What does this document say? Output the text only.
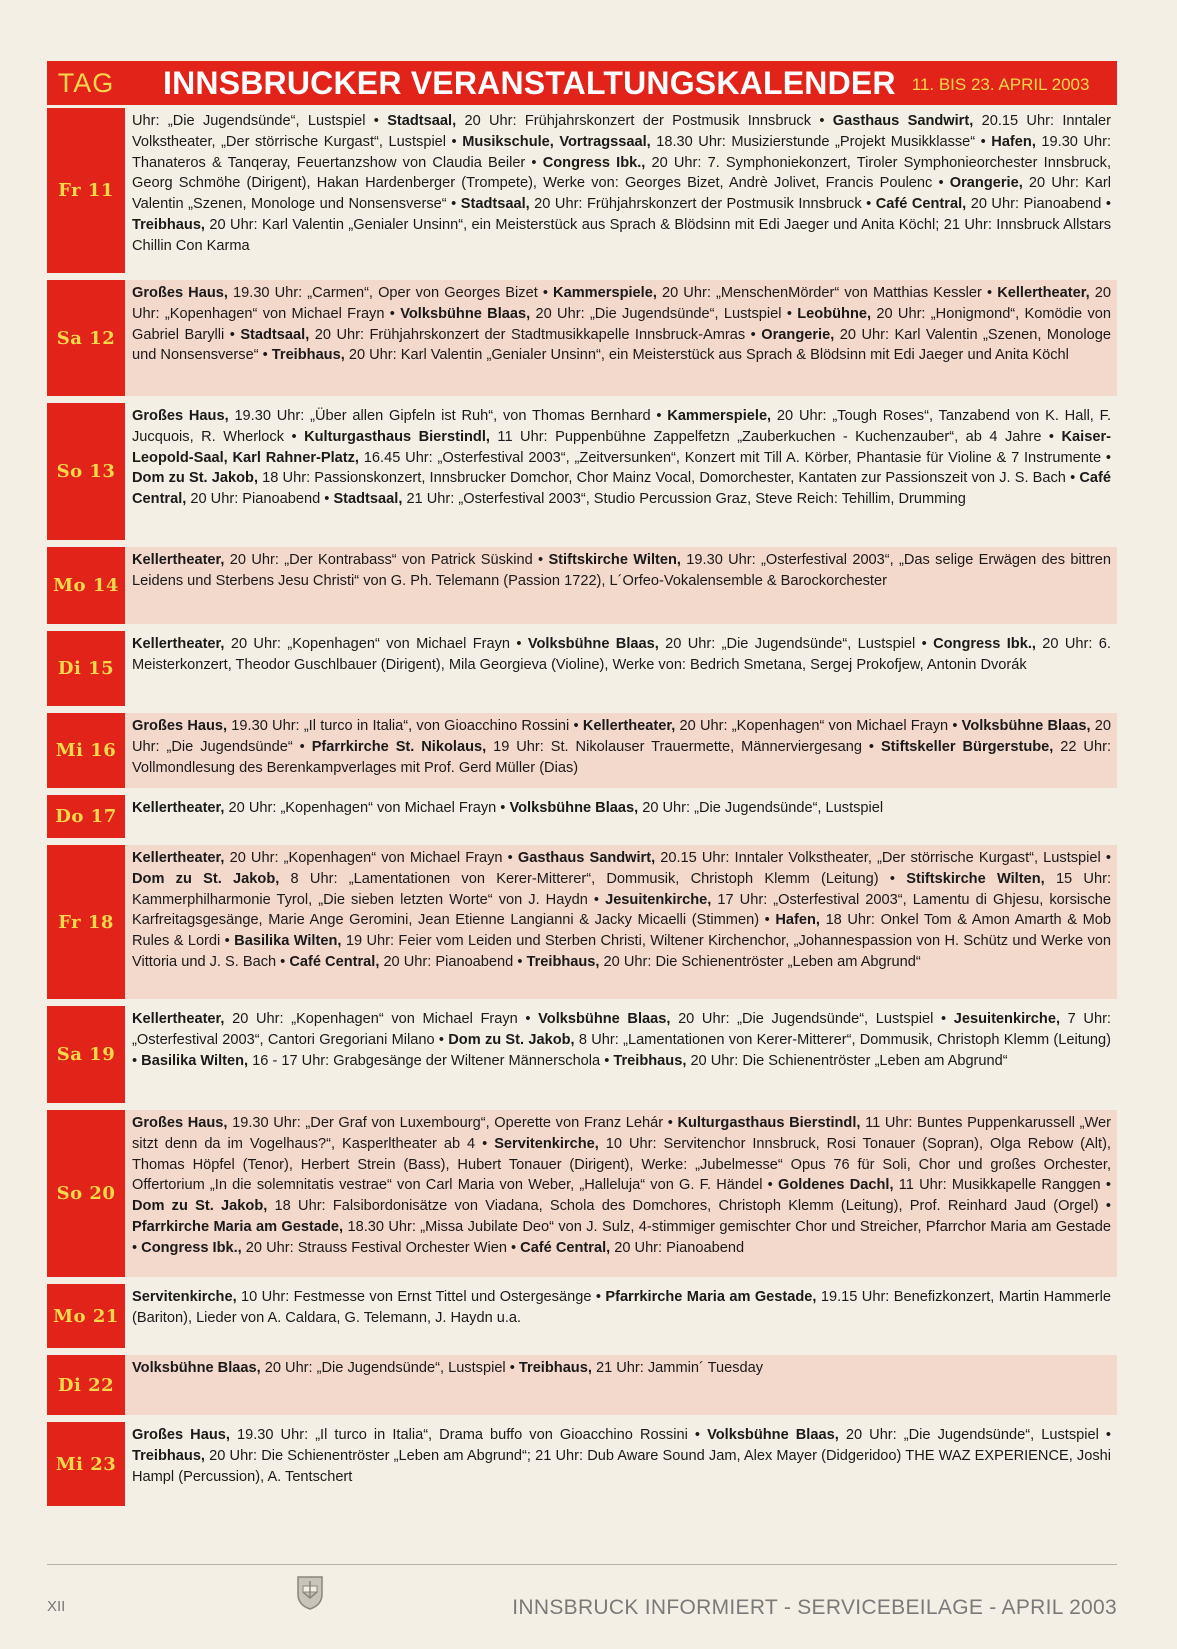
TAG	INNSBRUCKER VERANSTALTUNGSKALENDER 11. BIS 23. APRIL 2003
Fr 11
Uhr: „Die Jugendsünde“, Lustspiel • Stadtsaal, 20 Uhr: Frühjahrskonzert der Postmusik Innsbruck • Gasthaus Sandwirt, 20.15 Uhr: Inntaler Volkstheater, „Der störrische Kurgast“, Lustspiel • Musikschule, Vortragssaal, 18.30 Uhr: Musizierstunde „Projekt Musikklasse“ • Hafen, 19.30 Uhr: Thanateros & Tanqeray, Feuertanzshow von Claudia Beiler • Congress Ibk., 20 Uhr: 7. Symphoniekonzert, Tiroler Symphonieorchester Innsbruck, Georg Schmöhe (Dirigent), Hakan Hardenberger (Trompete), Werke von: Georges Bizet, Andrè Jolivet, Francis Poulenc • Orangerie, 20 Uhr: Karl Valentin „Szenen, Monologe und Nonsensverse“ • Stadtsaal, 20 Uhr: Frühjahrskonzert der Postmusik Innsbruck • Café Central, 20 Uhr: Pianoabend • Treibhaus, 20 Uhr: Karl Valentin „Genialer Unsinn“, ein Meisterstück aus Sprach & Blödsinn mit Edi Jaeger und Anita Köchl; 21 Uhr: Innsbruck Allstars Chillin Con Karma
Sa 12
Großes Haus, 19.30 Uhr: „Carmen“, Oper von Georges Bizet • Kammerspiele, 20 Uhr: „MenschenMörder“ von Matthias Kessler • Kellertheater, 20 Uhr: „Kopenhagen“ von Michael Frayn • Volksbühne Blaas, 20 Uhr: „Die Jugendsünde“, Lustspiel • Leobühne, 20 Uhr: „Honigmond“, Komödie von Gabriel Barylli • Stadtsaal, 20 Uhr: Frühjahrskonzert der Stadtmusikkapelle Innsbruck-Amras • Orangerie, 20 Uhr: Karl Valentin „Szenen, Monologe und Nonsensverse“ • Treibhaus, 20 Uhr: Karl Valentin „Genialer Unsinn“, ein Meisterstück aus Sprach & Blödsinn mit Edi Jaeger und Anita Köchl
So 13
Großes Haus, 19.30 Uhr: „Über allen Gipfeln ist Ruh“, von Thomas Bernhard • Kammerspiele, 20 Uhr: „Tough Roses“, Tanzabend von K. Hall, F. Jucquois, R. Wherlock • Kulturgasthaus Bierstindl, 11 Uhr: Puppenbühne Zappelfetzn „Zauberkuchen - Kuchenzauber“, ab 4 Jahre • Kaiser-Leopold-Saal, Karl Rahner-Platz, 16.45 Uhr: „Osterfestival 2003“, „Zeitversunken“, Konzert mit Till A. Körber, Phantasie für Violine & 7 Instrumente • Dom zu St. Jakob, 18 Uhr: Passionskonzert, Innsbrucker Domchor, Chor Mainz Vocal, Domorchester, Kantaten zur Passionszeit von J. S. Bach • Café Central, 20 Uhr: Pianoabend • Stadtsaal, 21 Uhr: „Osterfestival 2003“, Studio Percussion Graz, Steve Reich: Tehillim, Drumming
Mo 14
Kellertheater, 20 Uhr: „Der Kontrabass“ von Patrick Süskind • Stiftskirche Wilten, 19.30 Uhr: „Osterfestival 2003“, „Das selige Erwägen des bittren Leidens und Sterbens Jesu Christi“ von G. Ph. Telemann (Passion 1722), L´Orfeo-Vokalensemble & Barockorchester
Di 15
Kellertheater, 20 Uhr: „Kopenhagen“ von Michael Frayn • Volksbühne Blaas, 20 Uhr: „Die Jugendsünde“, Lustspiel • Congress Ibk., 20 Uhr: 6. Meisterkonzert, Theodor Guschlbauer (Dirigent), Mila Georgieva (Violine), Werke von: Bedrich Smetana, Sergej Prokofjew, Antonin Dvorák
Mi 16
Großes Haus, 19.30 Uhr: „Il turco in Italia“, von Gioacchino Rossini • Kellertheater, 20 Uhr: „Kopenhagen“ von Michael Frayn • Volksbühne Blaas, 20 Uhr: „Die Jugendsünde“ • Pfarrkirche St. Nikolaus, 19 Uhr: St. Nikolauser Trauermette, Männerviergesang • Stiftskeller Bürgerstube, 22 Uhr: Vollmondlesung des Berenkampverlages mit Prof. Gerd Müller (Dias)
Do 17	Kellertheater, 20 Uhr: „Kopenhagen“ von Michael Frayn • Volksbühne Blaas, 20 Uhr: „Die Jugendsünde“, Lustspiel
Fr 18
Kellertheater, 20 Uhr: „Kopenhagen“ von Michael Frayn • Gasthaus Sandwirt, 20.15 Uhr: Inntaler Volkstheater, „Der störrische Kurgast“, Lustspiel • Dom zu St. Jakob, 8 Uhr: „Lamentationen von Kerer-Mitterer“, Dommusik, Christoph Klemm (Leitung) • Stiftskirche Wilten, 15 Uhr: Kammerphilharmonie Tyrol, „Die sieben letzten Worte“ von J. Haydn • Jesuitenkirche, 17 Uhr: „Osterfestival 2003“, Lamentu di Ghjesu, korsische Karfreitagsgesänge, Marie Ange Geromini, Jean Etienne Langianni & Jacky Micaelli (Stimmen) • Hafen, 18 Uhr: Onkel Tom & Amon Amarth & Mob Rules & Lordi • Basilika Wilten, 19 Uhr: Feier vom Leiden und Sterben Christi, Wiltener Kirchenchor, „Johannespassion von H. Schütz und Werke von Vittoria und J. S. Bach • Café Central, 20 Uhr: Pianoabend • Treibhaus, 20 Uhr: Die Schienentröster „Leben am Abgrund“
Sa 19
Kellertheater, 20 Uhr: „Kopenhagen“ von Michael Frayn • Volksbühne Blaas, 20 Uhr: „Die Jugendsünde“, Lustspiel • Jesuitenkirche, 7 Uhr: „Osterfestival 2003“, Cantori Gregoriani Milano • Dom zu St. Jakob, 8 Uhr: „Lamentationen von Kerer-Mitterer“, Dommusik, Christoph Klemm (Leitung) • Basilika Wilten, 16 - 17 Uhr: Grabgesänge der Wiltener Männerschola • Treibhaus, 20 Uhr: Die Schienentröster „Leben am Abgrund“
So 20
Großes Haus, 19.30 Uhr: „Der Graf von Luxembourg“, Operette von Franz Lehár • Kulturgasthaus Bierstindl, 11 Uhr: Buntes Puppenkarussell „Wer sitzt denn da im Vogelhaus?“, Kasperltheater ab 4 • Servitenkirche, 10 Uhr: Servitenchor Innsbruck, Rosi Tonauer (Sopran), Olga Rebow (Alt), Thomas Höpfel (Tenor), Herbert Strein (Bass), Hubert Tonauer (Dirigent), Werke: „Jubelmesse“ Opus 76 für Soli, Chor und großes Orchester, Offertorium „In die solemnitatis vestrae“ von Carl Maria von Weber, „Halleluja“ von G. F. Händel • Goldenes Dachl, 11 Uhr: Musikkapelle Ranggen • Dom zu St. Jakob, 18 Uhr: Falsibordonisätze von Viadana, Schola des Domchores, Christoph Klemm (Leitung), Prof. Reinhard Jaud (Orgel) • Pfarrkirche Maria am Gestade, 18.30 Uhr: „Missa Jubilate Deo“ von J. Sulz, 4-stimmiger gemischter Chor und Streicher, Pfarrchor Maria am Gestade • Congress Ibk., 20 Uhr: Strauss Festival Orchester Wien • Café Central, 20 Uhr: Pianoabend
Mo 21
Servitenkirche, 10 Uhr: Festmesse von Ernst Tittel und Ostergesänge • Pfarrkirche Maria am Gestade, 19.15 Uhr: Benefizkonzert, Martin Hammerle (Bariton), Lieder von A. Caldara, G. Telemann, J. Haydn u.a.
Di 22
Volksbühne Blaas, 20 Uhr: „Die Jugendsünde“, Lustspiel • Treibhaus, 21 Uhr: Jammin´ Tuesday
Mi 23
Großes Haus, 19.30 Uhr: „Il turco in Italia“, Drama buffo von Gioacchino Rossini • Volksbühne Blaas, 20 Uhr: „Die Jugendsünde“, Lustspiel • Treibhaus, 20 Uhr: Die Schienentröster „Leben am Abgrund“; 21 Uhr: Dub Aware Sound Jam, Alex Mayer (Didgeridoo) THE WAZ EXPERIENCE, Joshi Hampl (Percussion), A. Tentschert
XII	INNSBRUCK INFORMIERT - SERVICEBEILAGE - APRIL 2003
